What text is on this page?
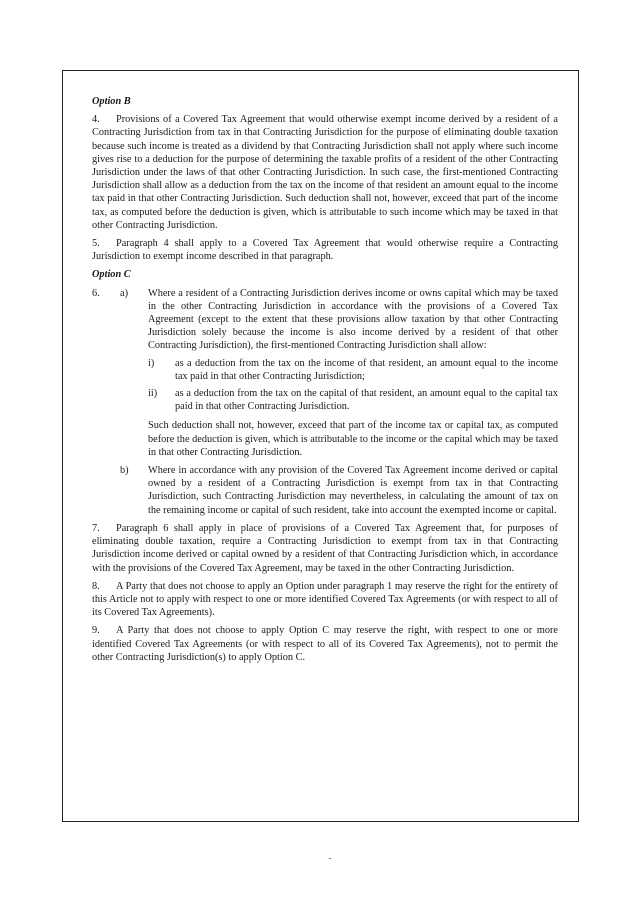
Option B
4. Provisions of a Covered Tax Agreement that would otherwise exempt income derived by a resident of a Contracting Jurisdiction from tax in that Contracting Jurisdiction for the purpose of eliminating double taxation because such income is treated as a dividend by that Contracting Jurisdiction shall not apply where such income gives rise to a deduction for the purpose of determining the taxable profits of a resident of the other Contracting Jurisdiction under the laws of that other Contracting Jurisdiction. In such case, the first-mentioned Contracting Jurisdiction shall allow as a deduction from the tax on the income of that resident an amount equal to the income tax paid in that other Contracting Jurisdiction. Such deduction shall not, however, exceed that part of the income tax, as computed before the deduction is given, which is attributable to such income which may be taxed in that other Contracting Jurisdiction.
5. Paragraph 4 shall apply to a Covered Tax Agreement that would otherwise require a Contracting Jurisdiction to exempt income described in that paragraph.
Option C
6.	a)	Where a resident of a Contracting Jurisdiction derives income or owns capital which may be taxed in the other Contracting Jurisdiction in accordance with the provisions of a Covered Tax Agreement (except to the extent that these provisions allow taxation by that other Contracting Jurisdiction solely because the income is also income derived by a resident of that other Contracting Jurisdiction), the first-mentioned Contracting Jurisdiction shall allow:
i)	as a deduction from the tax on the income of that resident, an amount equal to the income tax paid in that other Contracting Jurisdiction;
ii)	as a deduction from the tax on the capital of that resident, an amount equal to the capital tax paid in that other Contracting Jurisdiction.
Such deduction shall not, however, exceed that part of the income tax or capital tax, as computed before the deduction is given, which is attributable to the income or the capital which may be taxed in that other Contracting Jurisdiction.
b)	Where in accordance with any provision of the Covered Tax Agreement income derived or capital owned by a resident of a Contracting Jurisdiction is exempt from tax in that Contracting Jurisdiction, such Contracting Jurisdiction may nevertheless, in calculating the amount of tax on the remaining income or capital of such resident, take into account the exempted income or capital.
7. Paragraph 6 shall apply in place of provisions of a Covered Tax Agreement that, for purposes of eliminating double taxation, require a Contracting Jurisdiction to exempt from tax in that Contracting Jurisdiction income derived or capital owned by a resident of that Contracting Jurisdiction which, in accordance with the provisions of the Covered Tax Agreement, may be taxed in the other Contracting Jurisdiction.
8. A Party that does not choose to apply an Option under paragraph 1 may reserve the right for the entirety of this Article not to apply with respect to one or more identified Covered Tax Agreements (or with respect to all of its Covered Tax Agreements).
9. A Party that does not choose to apply Option C may reserve the right, with respect to one or more identified Covered Tax Agreements (or with respect to all of its Covered Tax Agreements), not to permit the other Contracting Jurisdiction(s) to apply Option C.
